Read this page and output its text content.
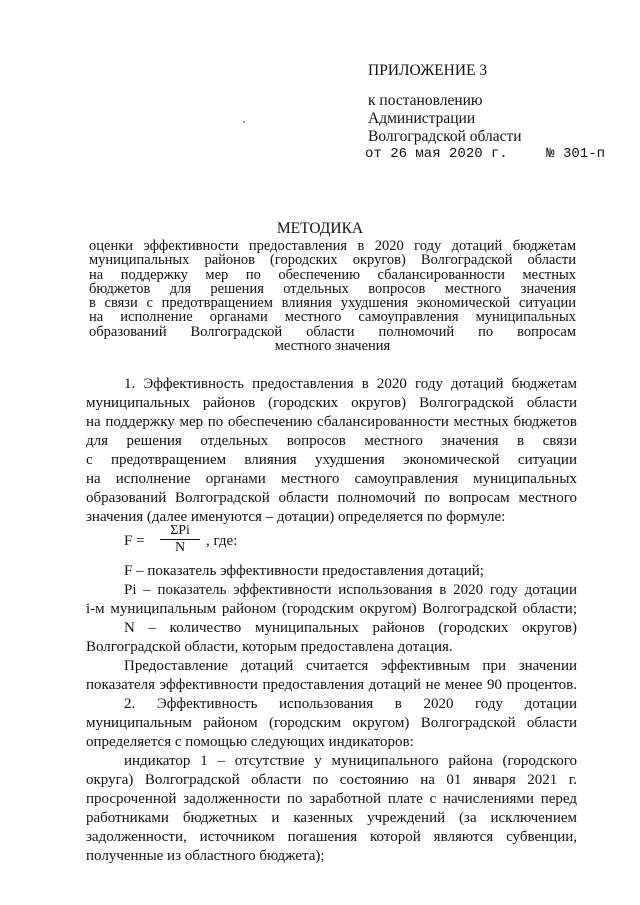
ПРИЛОЖЕНИЕ 3
к постановлению
Администрации
Волгоградской области
от 26 мая 2020 г.	№ 301-п
МЕТОДИКА
оценки эффективности предоставления в 2020 году дотаций бюджетам
муниципальных районов (городских округов) Волгоградской области
на поддержку мер по обеспечению сбалансированности местных
бюджетов для решения отдельных вопросов местного значения
в связи с предотвращением влияния ухудшения экономической ситуации
на исполнение органами местного самоуправления муниципальных
образований Волгоградской области полномочий по вопросам
местного значения
1. Эффективность предоставления в 2020 году дотаций бюджетам
муниципальных районов (городских округов) Волгоградской области
на поддержку мер по обеспечению сбалансированности местных бюджетов
для решения отдельных вопросов местного значения в связи
с предотвращением влияния ухудшения экономической ситуации
на исполнение органами местного самоуправления муниципальных
образований Волгоградской области полномочий по вопросам местного
значения (далее именуются – дотации) определяется по формуле:
F =
ΣPi
N	, где:
F – показатель эффективности предоставления дотаций;
Pi – показатель эффективности использования в 2020 году дотации
i-м муниципальным районом (городским округом) Волгоградской области;
N – количество муниципальных районов (городских округов)
Волгоградской области, которым предоставлена дотация.
Предоставление дотаций считается эффективным при значении
показателя эффективности предоставления дотаций не менее 90 процентов.
2. Эффективность использования в 2020 году дотации
муниципальным районом (городским округом) Волгоградской области
определяется с помощью следующих индикаторов:
индикатор 1 – отсутствие у муниципального района (городского
округа) Волгоградской области по состоянию на 01 января 2021 г.
просроченной задолженности по заработной плате с начислениями перед
работниками бюджетных и казенных учреждений (за исключением
задолженности, источником погашения которой являются субвенции,
полученные из областного бюджета);
